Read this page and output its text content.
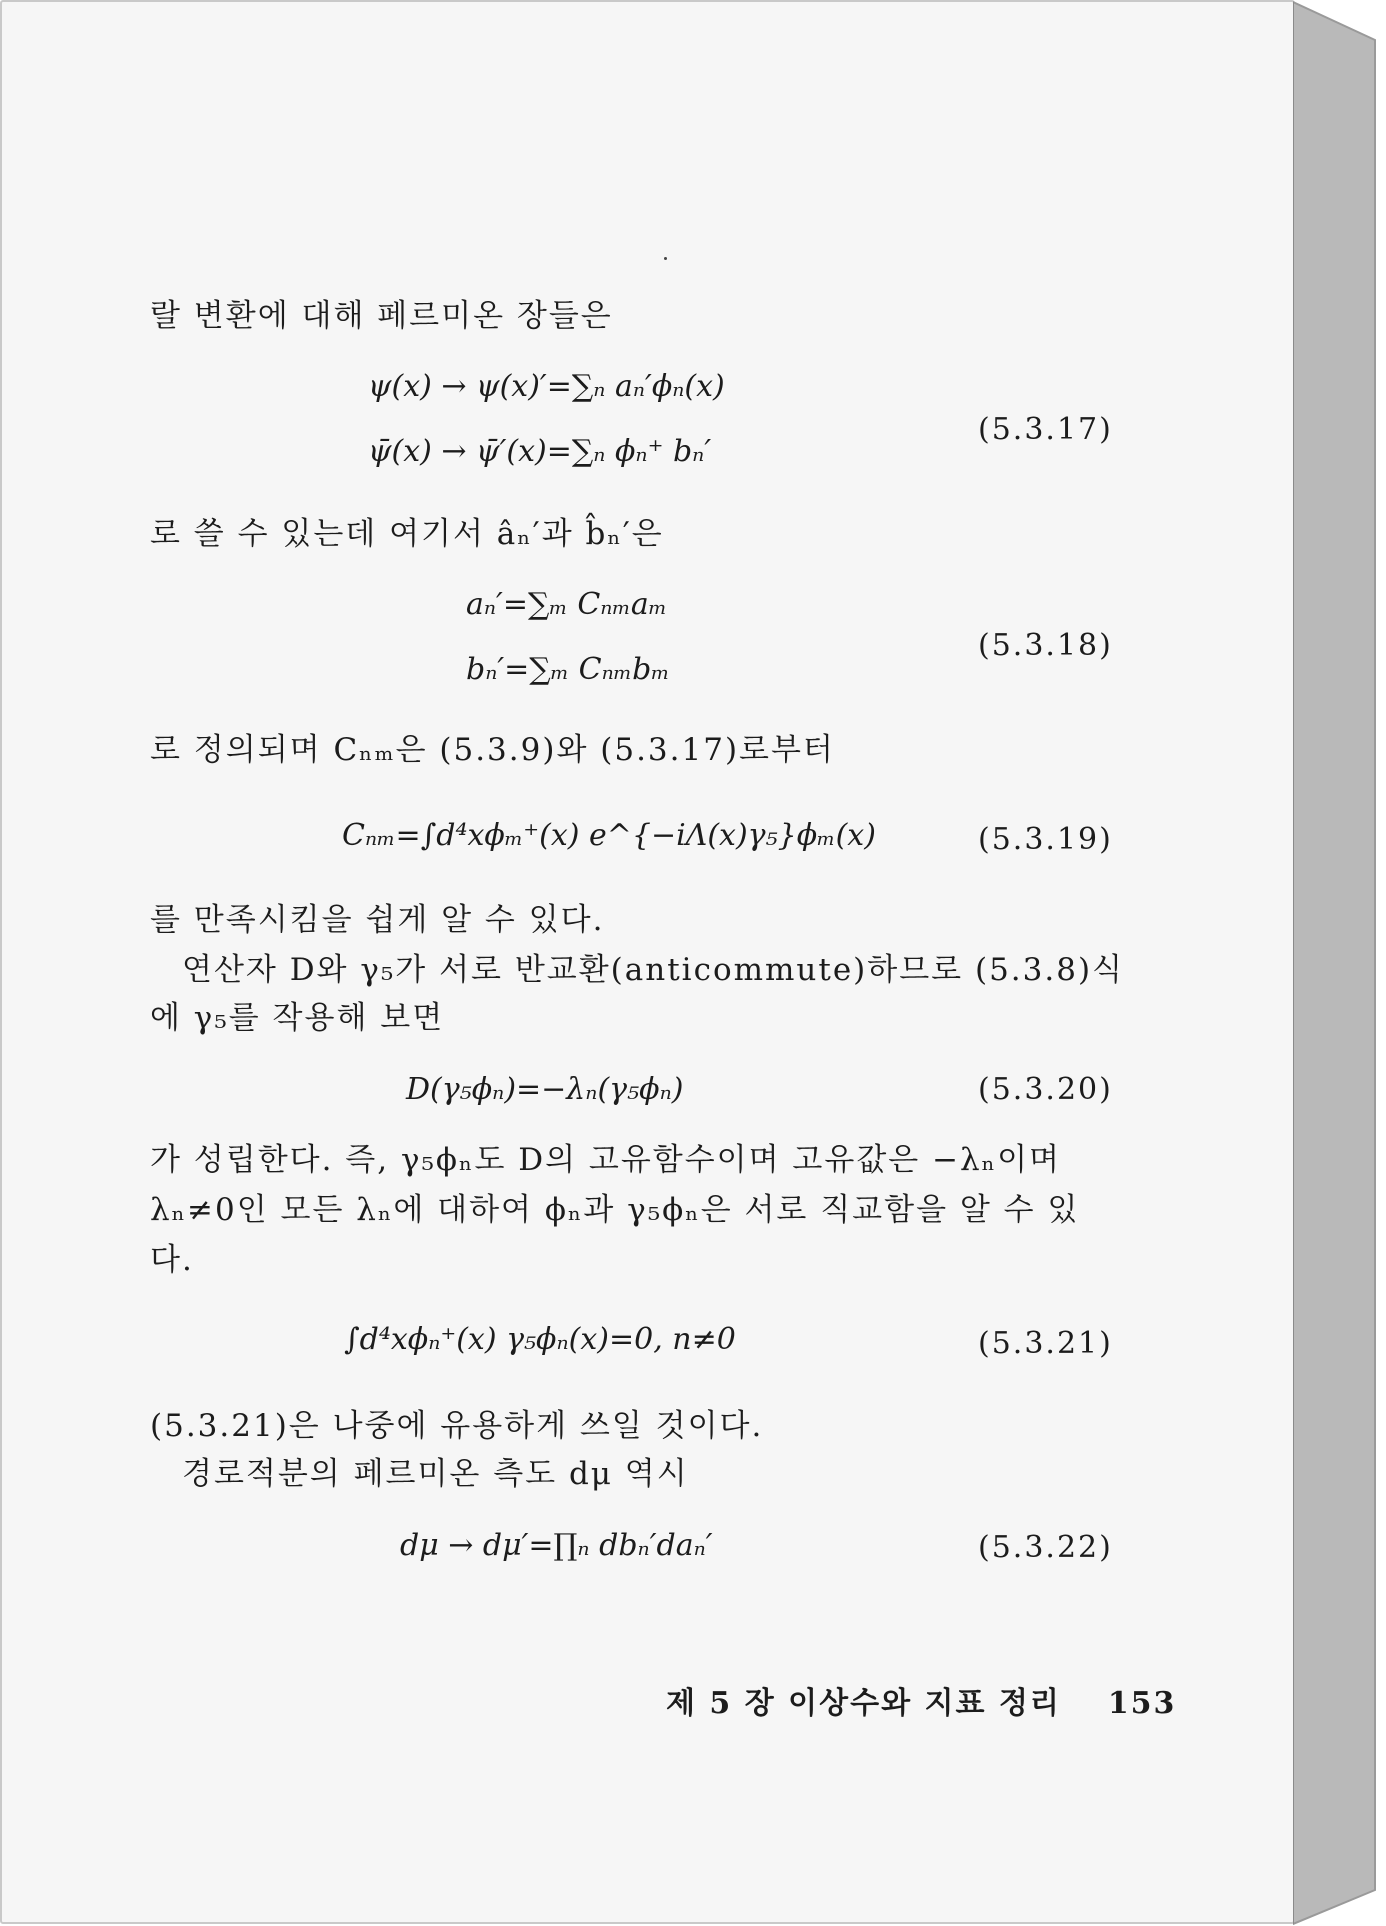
랄 변환에 대해 페르미온 장들은
ψ(x) → ψ(x)′=∑ₙ aₙ′ϕₙ(x)
ψ̄(x) → ψ̄′(x)=∑ₙ ϕₙ⁺ bₙ′
(5.3.17)
로 쓸 수 있는데 여기서 âₙ′과 b̂ₙ′은
aₙ′=∑ₘ Cₙₘaₘ
bₙ′=∑ₘ Cₙₘbₘ
(5.3.18)
로 정의되며 Cₙₘ은 (5.3.9)와 (5.3.17)로부터
Cₙₘ=∫d⁴xϕₘ⁺(x) e^{−iΛ(x)γ₅}ϕₘ(x)	(5.3.19)
를 만족시킴을 쉽게 알 수 있다.
연산자 D와 γ₅가 서로 반교환(anticommute)하므로 (5.3.8)식
에 γ₅를 작용해 보면
D(γ₅ϕₙ)=−λₙ(γ₅ϕₙ)	(5.3.20)
가 성립한다. 즉, γ₅ϕₙ도 D의 고유함수이며 고유값은 −λₙ이며
λₙ≠0인 모든 λₙ에 대하여 ϕₙ과 γ₅ϕₙ은 서로 직교함을 알 수 있
다.
∫d⁴xϕₙ⁺(x) γ₅ϕₙ(x)=0, n≠0	(5.3.21)
(5.3.21)은 나중에 유용하게 쓰일 것이다.
경로적분의 페르미온 측도 dμ 역시
dμ → dμ′=∏ₙ dbₙ′daₙ′	(5.3.22)
제 5 장 이상수와 지표 정리 153
